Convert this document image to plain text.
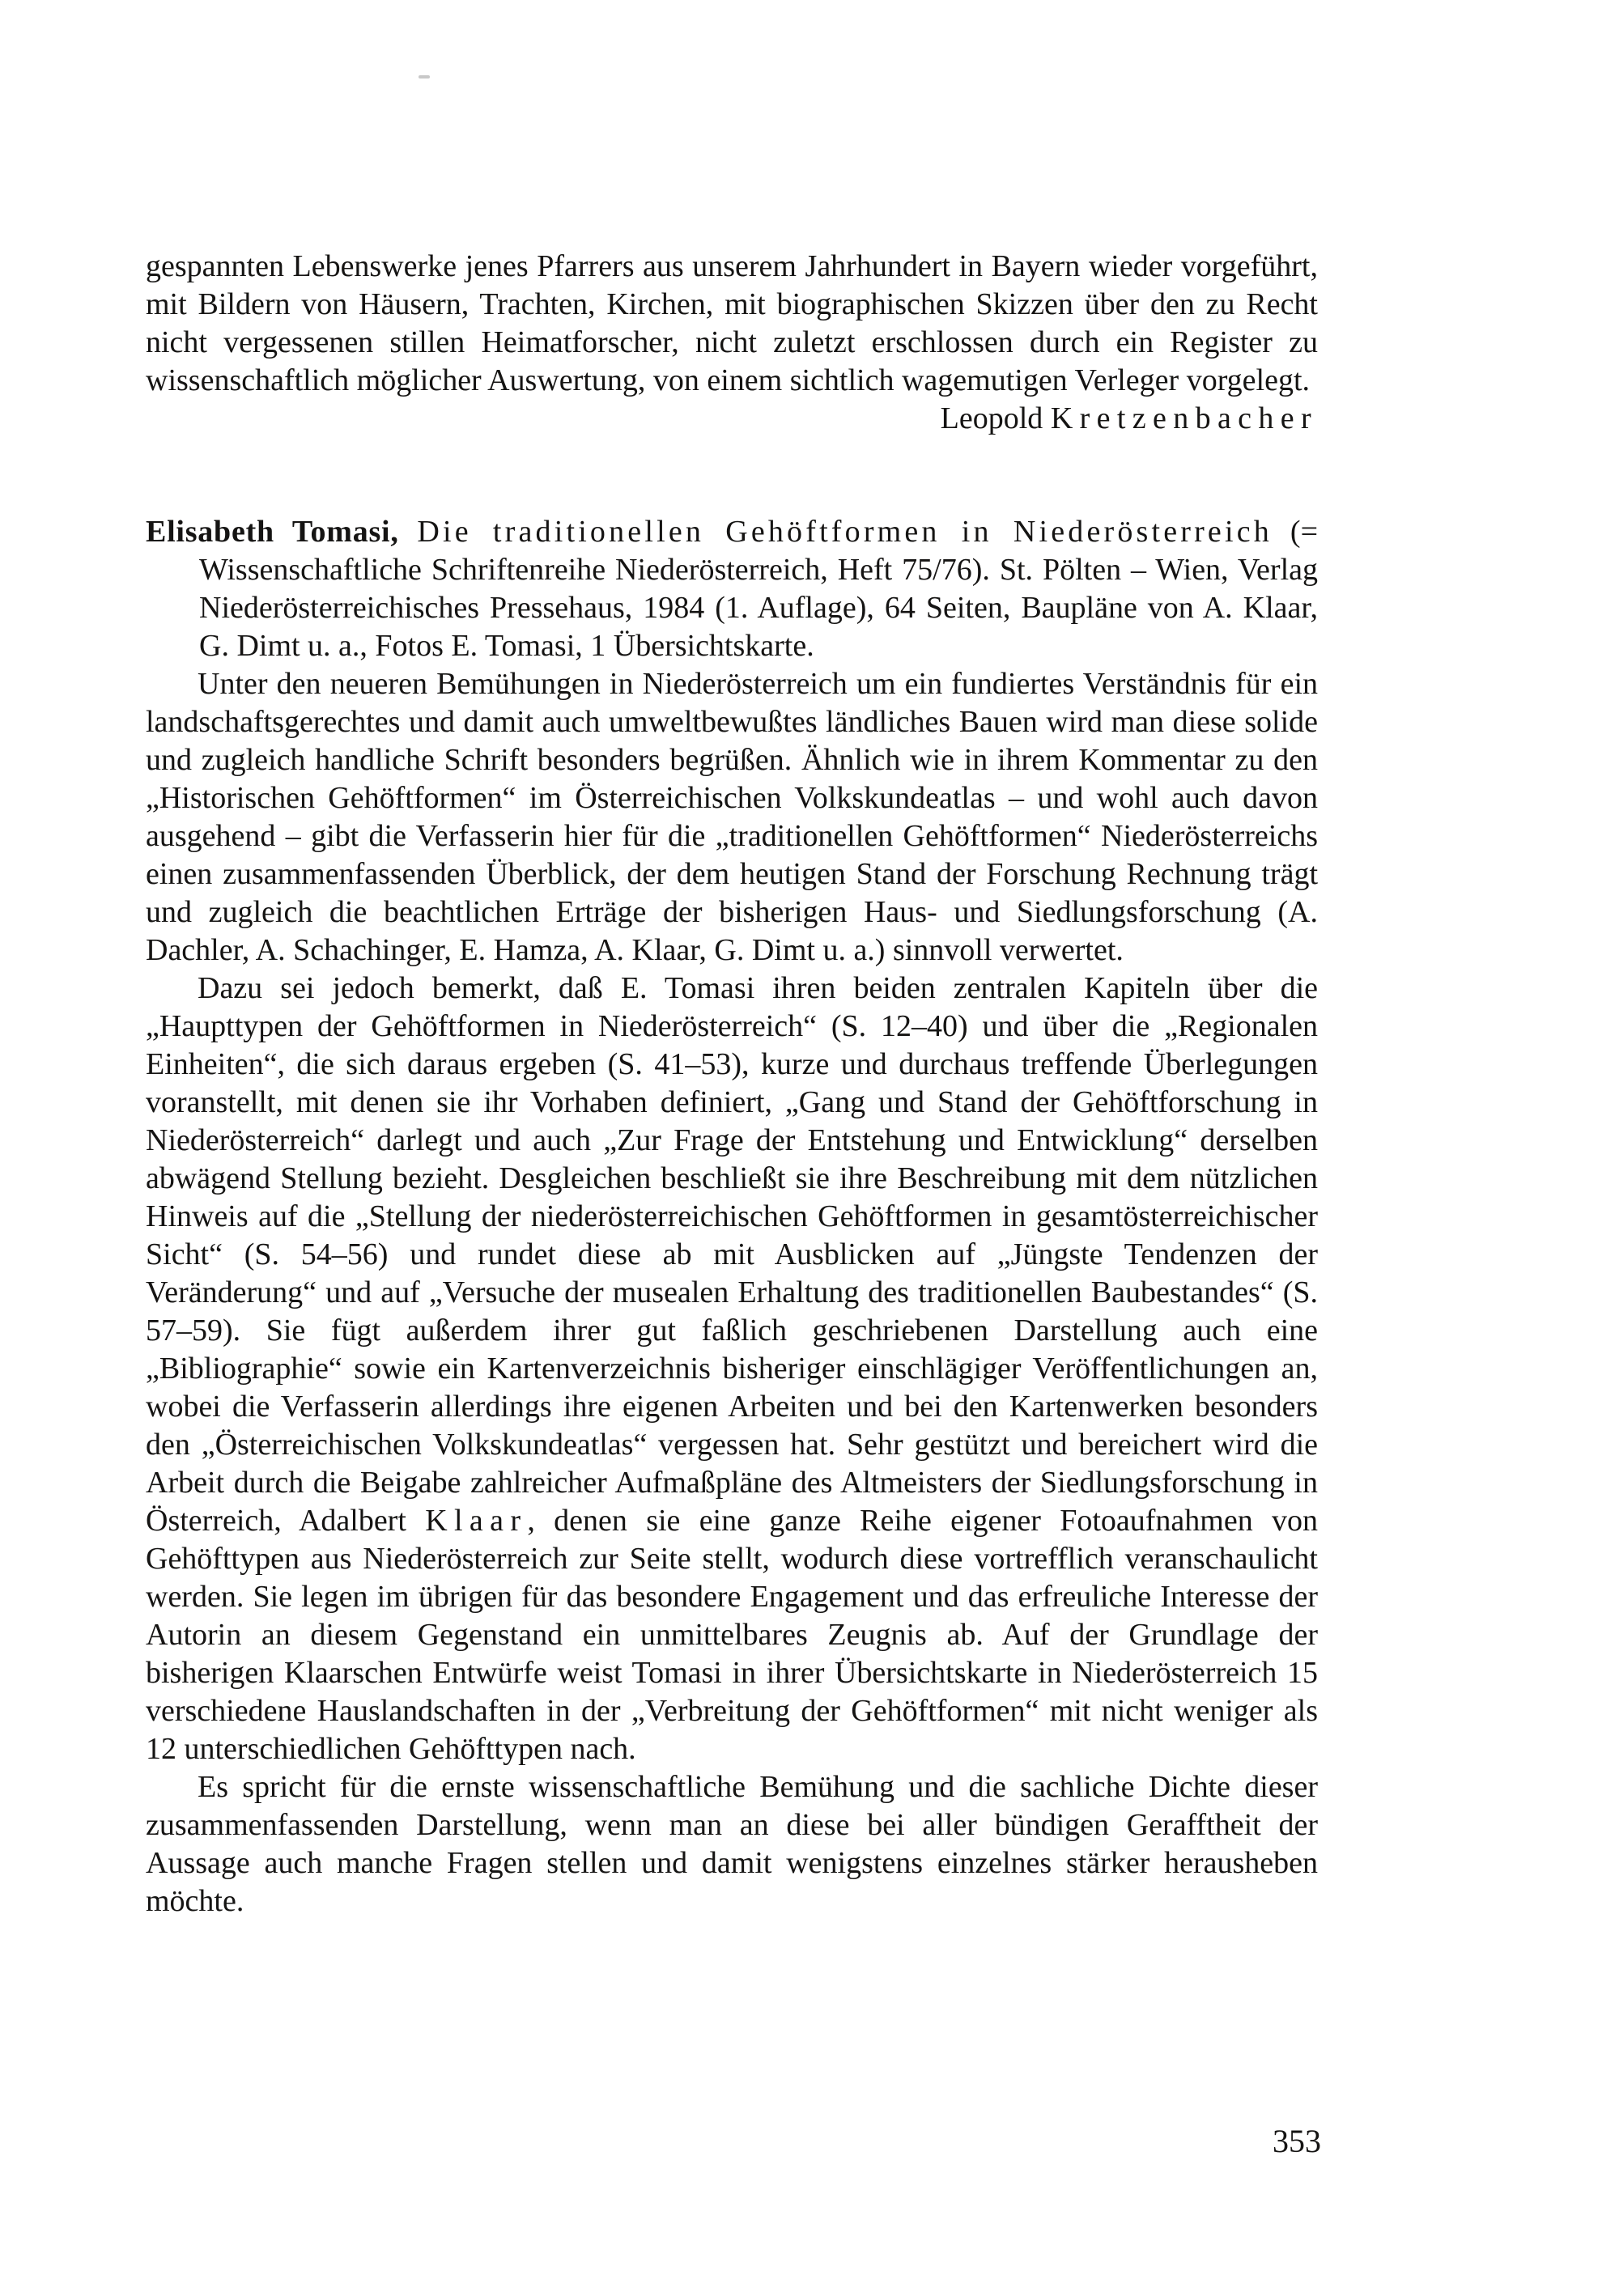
gespannten Lebenswerke jenes Pfarrers aus unserem Jahrhundert in Bayern wieder vorgeführt, mit Bildern von Häusern, Trachten, Kirchen, mit biographischen Skizzen über den zu Recht nicht vergessenen stillen Heimatforscher, nicht zuletzt erschlossen durch ein Register zu wissenschaftlich möglicher Auswertung, von einem sichtlich wagemutigen Verleger vorgelegt.

Leopold Kretzenbacher

Elisabeth Tomasi, Die traditionellen Gehöftformen in Niederösterreich (= Wissenschaftliche Schriftenreihe Niederösterreich, Heft 75/76). St. Pölten – Wien, Verlag Niederösterreichisches Pressehaus, 1984 (1. Auflage), 64 Seiten, Baupläne von A. Klaar, G. Dimt u. a., Fotos E. Tomasi, 1 Übersichtskarte.

Unter den neueren Bemühungen in Niederösterreich um ein fundiertes Verständnis für ein landschaftsgerechtes und damit auch umweltbewußtes ländliches Bauen wird man diese solide und zugleich handliche Schrift besonders begrüßen. Ähnlich wie in ihrem Kommentar zu den „Historischen Gehöftformen“ im Österreichischen Volkskundeatlas – und wohl auch davon ausgehend – gibt die Verfasserin hier für die „traditionellen Gehöftformen“ Niederösterreichs einen zusammenfassenden Überblick, der dem heutigen Stand der Forschung Rechnung trägt und zugleich die beachtlichen Erträge der bisherigen Haus- und Siedlungsforschung (A. Dachler, A. Schachinger, E. Hamza, A. Klaar, G. Dimt u. a.) sinnvoll verwertet.

Dazu sei jedoch bemerkt, daß E. Tomasi ihren beiden zentralen Kapiteln über die „Haupttypen der Gehöftformen in Niederösterreich“ (S. 12–40) und über die „Regionalen Einheiten“, die sich daraus ergeben (S. 41–53), kurze und durchaus treffende Überlegungen voranstellt, mit denen sie ihr Vorhaben definiert, „Gang und Stand der Gehöftforschung in Niederösterreich“ darlegt und auch „Zur Frage der Entstehung und Entwicklung“ derselben abwägend Stellung bezieht. Desgleichen beschließt sie ihre Beschreibung mit dem nützlichen Hinweis auf die „Stellung der niederösterreichischen Gehöftformen in gesamtösterreichischer Sicht“ (S. 54–56) und rundet diese ab mit Ausblicken auf „Jüngste Tendenzen der Veränderung“ und auf „Versuche der musealen Erhaltung des traditionellen Baubestandes“ (S. 57–59). Sie fügt außerdem ihrer gut faßlich geschriebenen Darstellung auch eine „Bibliographie“ sowie ein Kartenverzeichnis bisheriger einschlägiger Veröffentlichungen an, wobei die Verfasserin allerdings ihre eigenen Arbeiten und bei den Kartenwerken besonders den „Österreichischen Volkskundeatlas“ vergessen hat. Sehr gestützt und bereichert wird die Arbeit durch die Beigabe zahlreicher Aufmaßpläne des Altmeisters der Siedlungsforschung in Österreich, Adalbert Klaar, denen sie eine ganze Reihe eigener Fotoaufnahmen von Gehöfttypen aus Niederösterreich zur Seite stellt, wodurch diese vortrefflich veranschaulicht werden. Sie legen im übrigen für das besondere Engagement und das erfreuliche Interesse der Autorin an diesem Gegenstand ein unmittelbares Zeugnis ab. Auf der Grundlage der bisherigen Klaarschen Entwürfe weist Tomasi in ihrer Übersichtskarte in Niederösterreich 15 verschiedene Hauslandschaften in der „Verbreitung der Gehöftformen“ mit nicht weniger als 12 unterschiedlichen Gehöfttypen nach.

Es spricht für die ernste wissenschaftliche Bemühung und die sachliche Dichte dieser zusammenfassenden Darstellung, wenn man an diese bei aller bündigen Gerafftheit der Aussage auch manche Fragen stellen und damit wenigstens einzelnes stärker herausheben möchte.

353
